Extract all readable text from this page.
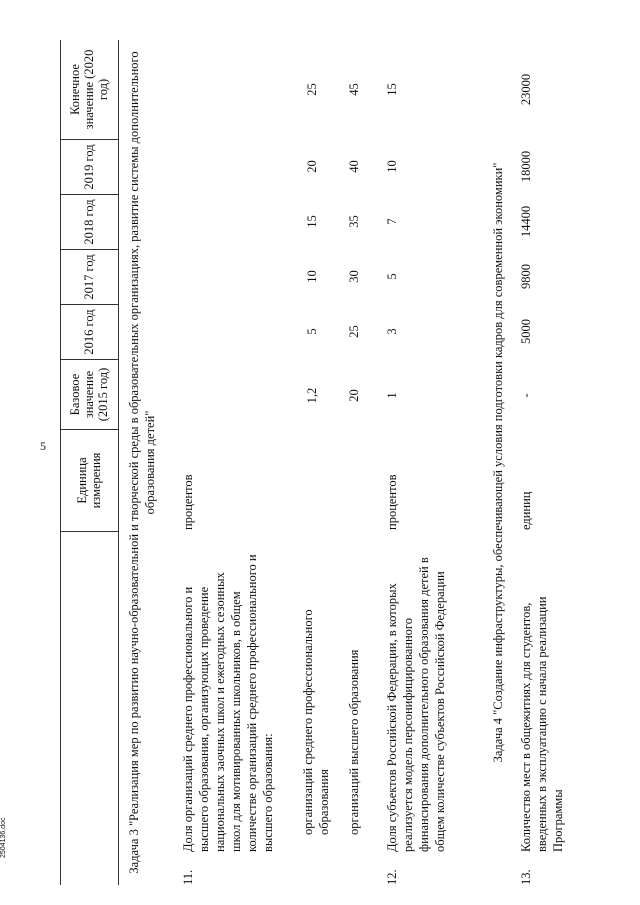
5
2504136.doc
Единица измерения
Базовое значение (2015 год)
2016 год
2017 год
2018 год
2019 год
Конечное значение (2020 год) Задача 3 "Реализация мер по развитию научно-образовательной и творческой среды в образовательных организациях, развитие системы дополнительного образования детей"
11.
Доля организаций среднего профессионального и высшего образования, организующих проведение национальных заочных школ и ежегодных сезонных школ для мотивированных школьников, в общем количестве организаций среднего профессионального и высшего образования:
процентов
организаций среднего профессионального образования
1,2
5
10
15
20
25
организаций высшего образования
20
25
30
35
40
45
12.
Доля субъектов Российской Федерации, в которых реализуется модель персонифицированного финансирования дополнительного образования детей в общем количестве субъектов Российской Федерации
процентов
1
3
5
7
10
15
Задача 4 "Создание инфраструктуры, обеспечивающей условия подготовки кадров для современной экономики"
13.
Количество мест в общежитиях для студентов, введенных в эксплуатацию с начала реализации Программы
единиц
-
5000
9800
14400
18000
23000
